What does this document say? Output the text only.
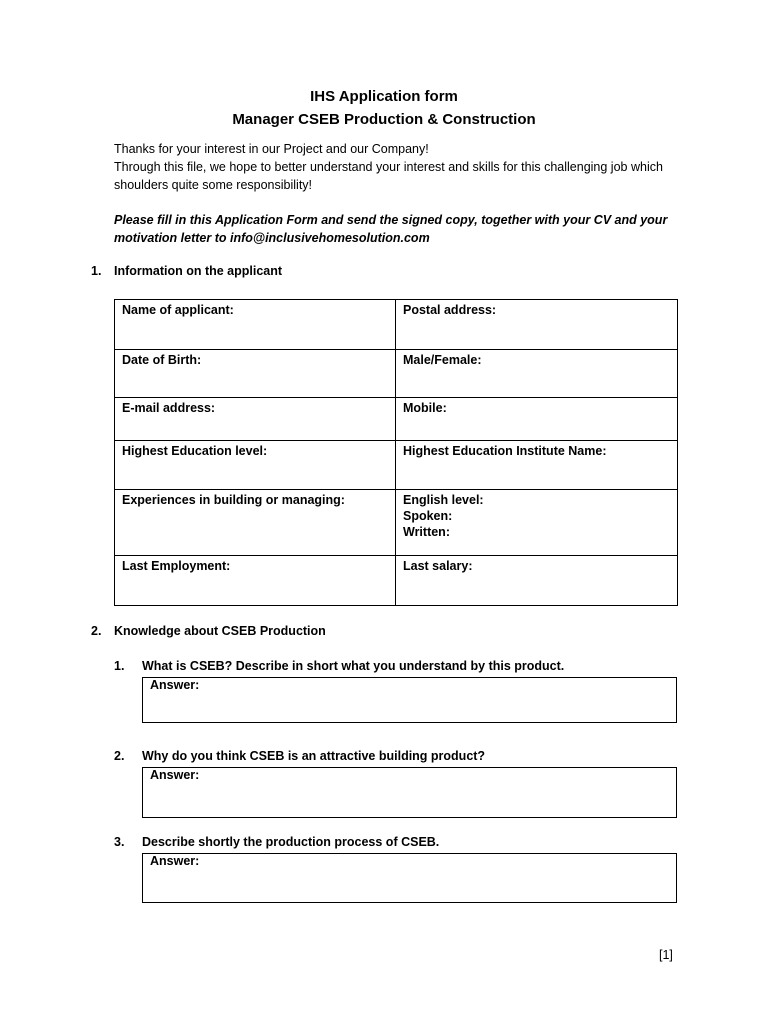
IHS Application form
Manager CSEB Production & Construction
Thanks for your interest in our Project and our Company!
Through this file, we hope to better understand your interest and skills for this challenging job which shoulders quite some responsibility!
Please fill in this Application Form and send the signed copy, together with your CV and your motivation letter to info@inclusivehomesolution.com
1. Information on the applicant
Name of applicant:	Postal address:
Date of Birth:	Male/Female:
E-mail address:	Mobile:
Highest Education level:	Highest Education Institute Name:
Experiences in building or managing:	English level:
Spoken:
Written:

Last Employment:	Last salary:
2. Knowledge about CSEB Production
1. What is CSEB? Describe in short what you understand by this product.
Answer:
2. Why do you think CSEB is an attractive building product?
Answer:
3. Describe shortly the production process of CSEB.
Answer:
[1]
